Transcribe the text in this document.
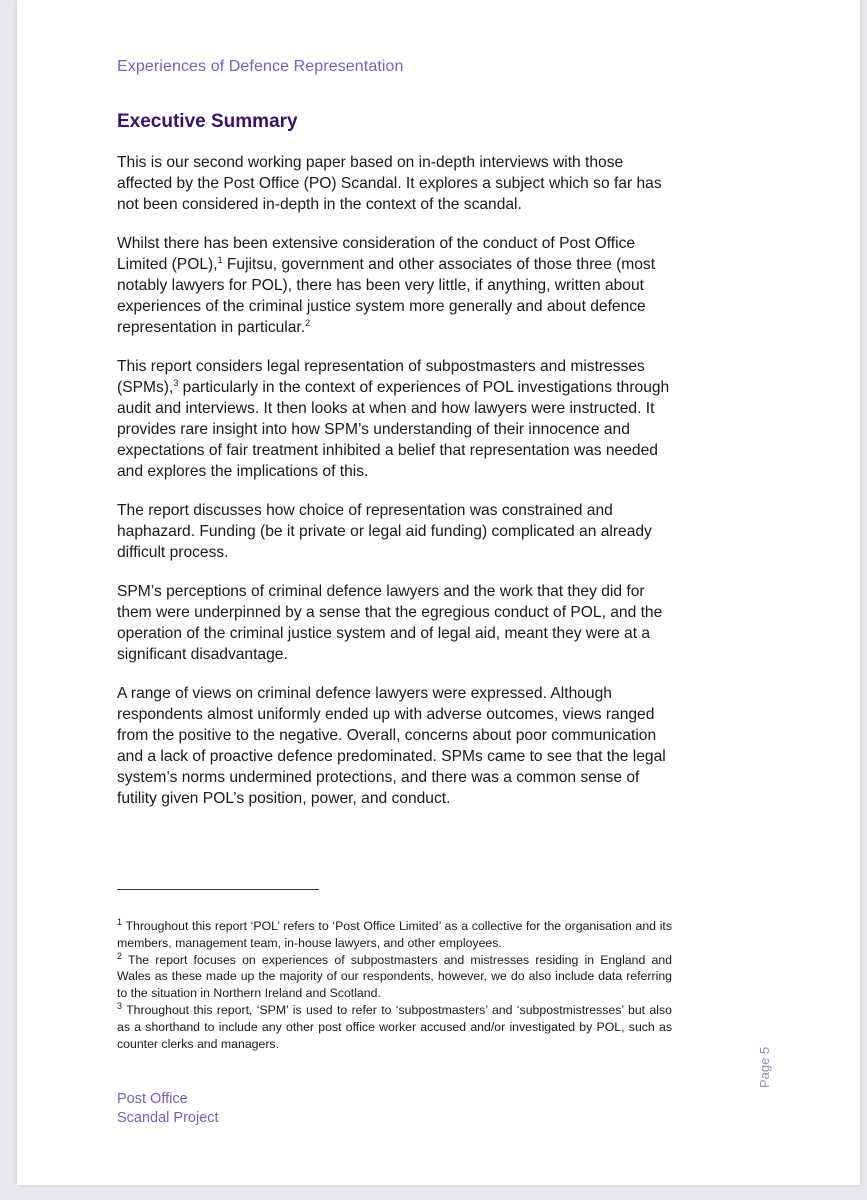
Experiences of Defence Representation
Executive Summary

This is our second working paper based on in-depth interviews with those affected by the Post Office (PO) Scandal. It explores a subject which so far has not been considered in-depth in the context of the scandal.

Whilst there has been extensive consideration of the conduct of Post Office Limited (POL),$^1$ Fujitsu, government and other associates of those three (most notably lawyers for POL), there has been very little, if anything, written about experiences of the criminal justice system more generally and about defence representation in particular.$^2$

This report considers legal representation of subpostmasters and mistresses (SPMs),$^3$ particularly in the context of experiences of POL investigations through audit and interviews. It then looks at when and how lawyers were instructed. It provides rare insight into how SPM’s understanding of their innocence and expectations of fair treatment inhibited a belief that representation was needed and explores the implications of this.

The report discusses how choice of representation was constrained and haphazard. Funding (be it private or legal aid funding) complicated an already difficult process.

SPM’s perceptions of criminal defence lawyers and the work that they did for them were underpinned by a sense that the egregious conduct of POL, and the operation of the criminal justice system and of legal aid, meant they were at a significant disadvantage.

A range of views on criminal defence lawyers were expressed. Although respondents almost uniformly ended up with adverse outcomes, views ranged from the positive to the negative. Overall, concerns about poor communication and a lack of proactive defence predominated. SPMs came to see that the legal system’s norms undermined protections, and there was a common sense of futility given POL’s position, power, and conduct.

$^1$ Throughout this report ‘POL’ refers to ‘Post Office Limited’ as a collective for the organisation and its members, management team, in-house lawyers, and other employees.

$^2$ The report focuses on experiences of subpostmasters and mistresses residing in England and Wales as these made up the majority of our respondents, however, we do also include data referring to the situation in Northern Ireland and Scotland.

$^3$ Throughout this report, ‘SPM’ is used to refer to ‘subpostmasters’ and ‘subpostmistresses’ but also as a shorthand to include any other post office worker accused and/or investigated by POL, such as counter clerks and managers.

Page 5
Post Office
Scandal Project
